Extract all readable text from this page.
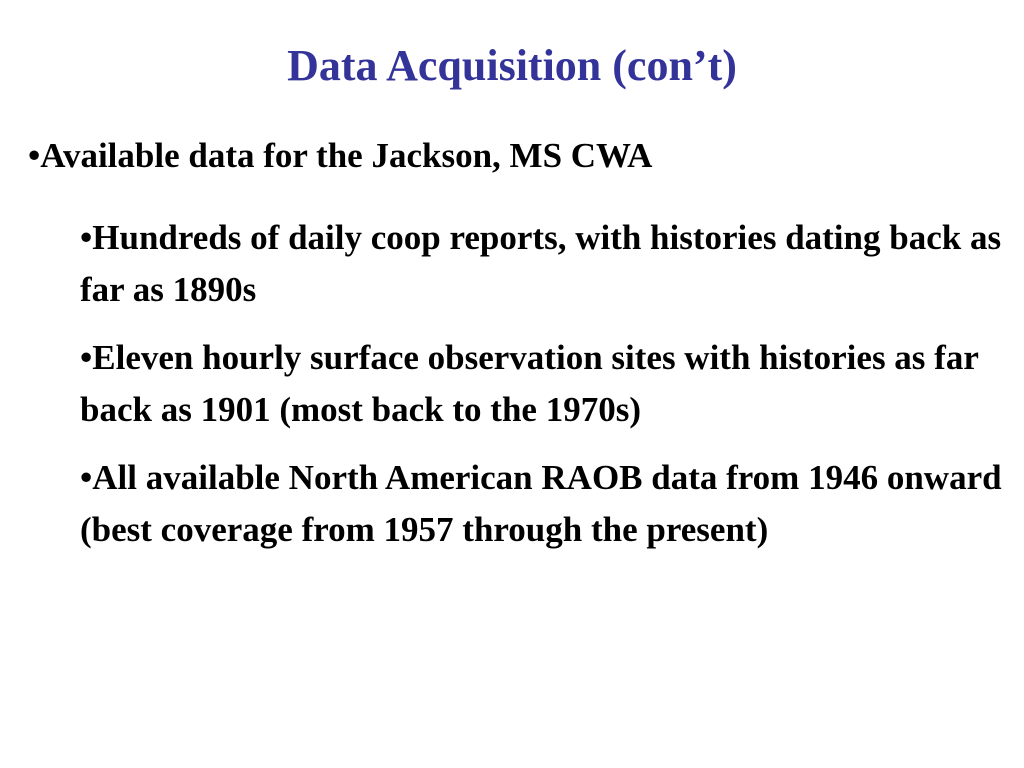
Data Acquisition (con’t)
•Available data for the Jackson, MS CWA
•Hundreds of daily coop reports, with histories dating back as far as 1890s
•Eleven hourly surface observation sites with histories as far back as 1901 (most back to the 1970s)
•All available North American RAOB data from 1946 onward (best coverage from 1957 through the present)
